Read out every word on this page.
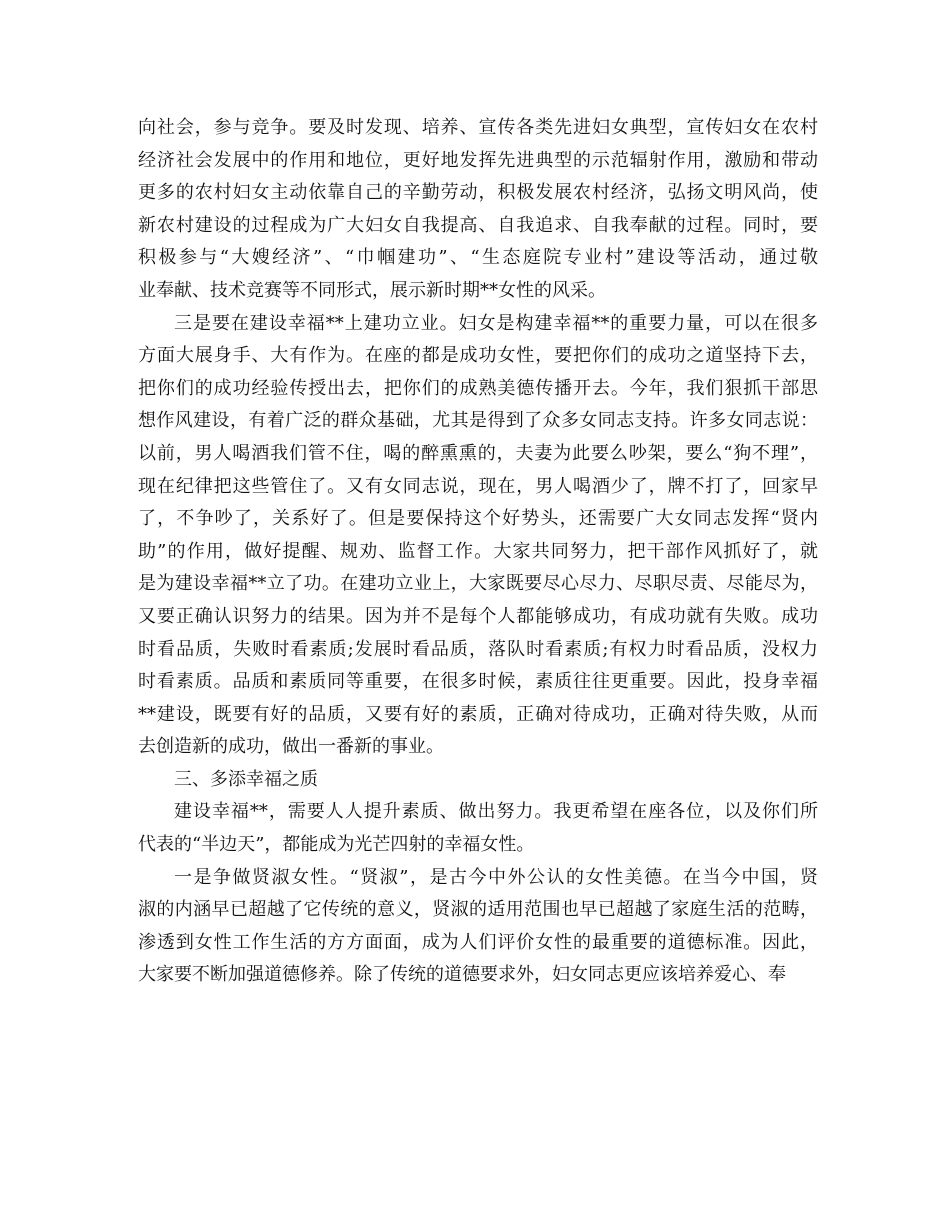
向社会，参与竞争。要及时发现、培养、宣传各类先进妇女典型，宣传妇女在农村
经济社会发展中的作用和地位，更好地发挥先进典型的示范辐射作用，激励和带动
更多的农村妇女主动依靠自己的辛勤劳动，积极发展农村经济，弘扬文明风尚，使
新农村建设的过程成为广大妇女自我提高、自我追求、自我奉献的过程。同时，要
积极参与“大嫂经济”、“巾帼建功”、“生态庭院专业村”建设等活动，通过敬
业奉献、技术竞赛等不同形式，展示新时期**女性的风采。
三是要在建设幸福**上建功立业。妇女是构建幸福**的重要力量，可以在很多
方面大展身手、大有作为。在座的都是成功女性，要把你们的成功之道坚持下去，
把你们的成功经验传授出去，把你们的成熟美德传播开去。今年，我们狠抓干部思
想作风建设，有着广泛的群众基础，尤其是得到了众多女同志支持。许多女同志说：
以前，男人喝酒我们管不住，喝的醉熏熏的，夫妻为此要么吵架，要么“狗不理”，
现在纪律把这些管住了。又有女同志说，现在，男人喝酒少了，牌不打了，回家早
了，不争吵了，关系好了。但是要保持这个好势头，还需要广大女同志发挥“贤内
助”的作用，做好提醒、规劝、监督工作。大家共同努力，把干部作风抓好了，就
是为建设幸福**立了功。在建功立业上，大家既要尽心尽力、尽职尽责、尽能尽为，
又要正确认识努力的结果。因为并不是每个人都能够成功，有成功就有失败。成功
时看品质，失败时看素质;发展时看品质，落队时看素质;有权力时看品质，没权力
时看素质。品质和素质同等重要，在很多时候，素质往往更重要。因此，投身幸福
**建设，既要有好的品质，又要有好的素质，正确对待成功，正确对待失败，从而
去创造新的成功，做出一番新的事业。
三、多添幸福之质
建设幸福**，需要人人提升素质、做出努力。我更希望在座各位，以及你们所
代表的“半边天”，都能成为光芒四射的幸福女性。
一是争做贤淑女性。“贤淑”，是古今中外公认的女性美德。在当今中国，贤
淑的内涵早已超越了它传统的意义，贤淑的适用范围也早已超越了家庭生活的范畴，
渗透到女性工作生活的方方面面，成为人们评价女性的最重要的道德标准。因此，
大家要不断加强道德修养。除了传统的道德要求外，妇女同志更应该培养爱心、奉
